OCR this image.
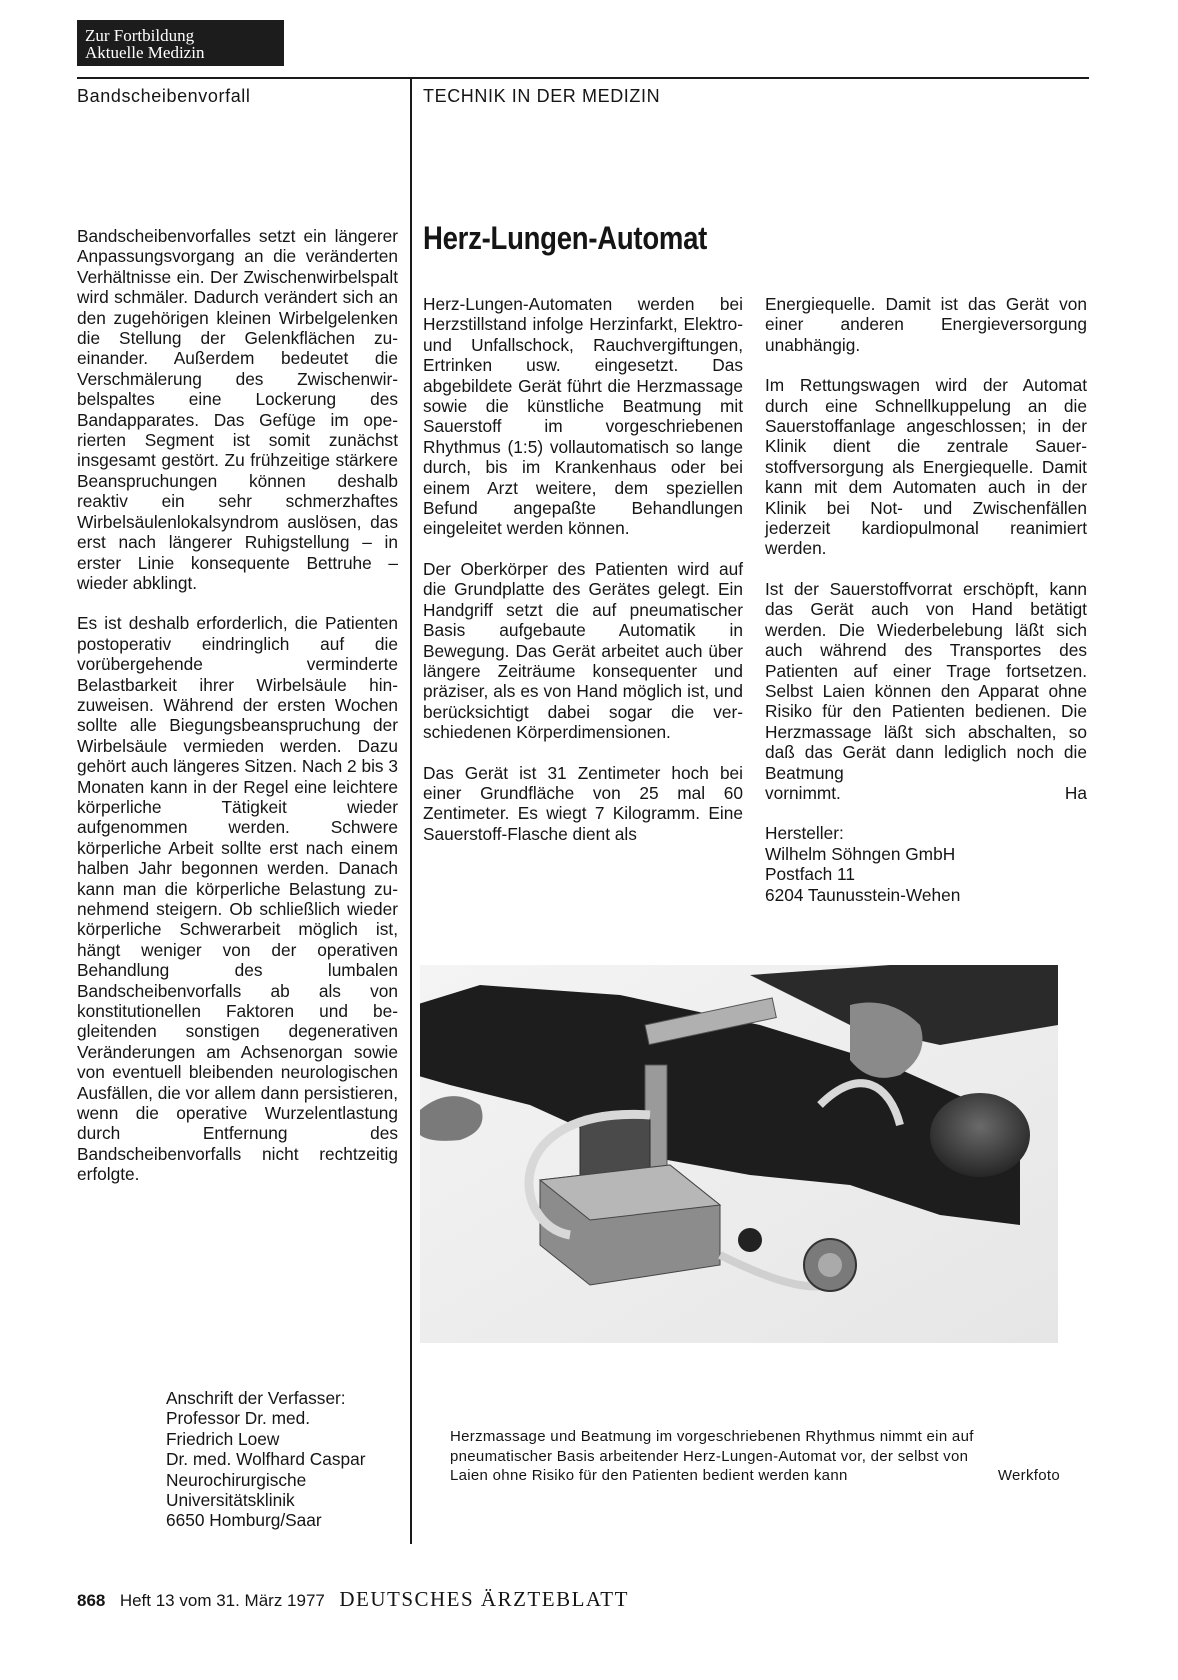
Zur Fortbildung
Aktuelle Medizin
Bandscheibenvorfall	TECHNIK IN DER MEDIZIN

Bandscheibenvorfalles setzt ein längerer Anpassungsvorgang an die veränderten Verhältnisse ein. Der Zwischenwirbelspalt wird schmäler. Dadurch verändert sich an den zugehörigen kleinen Wirbelgelenken die Stellung der Gelenkflächen zueinander. Außerdem bedeutet die Verschmälerung des Zwischenwirbelspaltes eine Lockerung des Bandapparates. Das Gefüge im operierten Segment ist somit zunächst insgesamt gestört. Zu frühzeitige stärkere Beanspruchungen können deshalb reaktiv ein sehr schmerzhaftes Wirbelsäulenlokalsyndrom auslösen, das erst nach längerer Ruhigstellung – in erster Linie konsequente Bettruhe – wieder abklingt.

Es ist deshalb erforderlich, die Patienten postoperativ eindringlich auf die vorübergehende verminderte Belastbarkeit ihrer Wirbelsäule hinzuweisen. Während der ersten Wochen sollte alle Biegungsbeanspruchung der Wirbelsäule vermieden werden. Dazu gehört auch längeres Sitzen. Nach 2 bis 3 Monaten kann in der Regel eine leichtere körperliche Tätigkeit wieder aufgenommen werden. Schwere körperliche Arbeit sollte erst nach einem halben Jahr begonnen werden. Danach kann man die körperliche Belastung zunehmend steigern. Ob schließlich wieder körperliche Schwerarbeit möglich ist, hängt weniger von der operativen Behandlung des lumbalen Bandscheibenvorfalls ab als von konstitutionellen Faktoren und begleitenden sonstigen degenerativen Veränderungen am Achsenorgan sowie von eventuell bleibenden neurologischen Ausfällen, die vor allem dann persistieren, wenn die operative Wurzelentlastung durch Entfernung des Bandscheibenvorfalls nicht rechtzeitig erfolgte.

Anschrift der Verfasser:
Professor Dr. med.
Friedrich Loew
Dr. med. Wolfhard Caspar
Neurochirurgische
Universitätsklinik
6650 Homburg/Saar
Herz-Lungen-Automat

Herz-Lungen-Automaten werden bei Herzstillstand infolge Herzinfarkt, Elektro- und Unfallschock, Rauchvergiftungen, Ertrinken usw. eingesetzt. Das abgebildete Gerät führt die Herzmassage sowie die künstliche Beatmung mit Sauerstoff im vorgeschriebenen Rhythmus (1:5) vollautomatisch so lange durch, bis im Krankenhaus oder bei einem Arzt weitere, dem speziellen Befund angepaßte Behandlungen eingeleitet werden können.

Der Oberkörper des Patienten wird auf die Grundplatte des Gerätes gelegt. Ein Handgriff setzt die auf pneumatischer Basis aufgebaute Automatik in Bewegung. Das Gerät arbeitet auch über längere Zeiträume konsequenter und präziser, als es von Hand möglich ist, und berücksichtigt dabei sogar die verschiedenen Körperdimensionen.

Das Gerät ist 31 Zentimeter hoch bei einer Grundfläche von 25 mal 60 Zentimeter. Es wiegt 7 Kilogramm. Eine Sauerstoff-Flasche dient als

Energiequelle. Damit ist das Gerät von einer anderen Energieversorgung unabhängig.

Im Rettungswagen wird der Automat durch eine Schnellkuppelung an die Sauerstoffanlage angeschlossen; in der Klinik dient die zentrale Sauerstoffversorgung als Energiequelle. Damit kann mit dem Automaten auch in der Klinik bei Not- und Zwischenfällen jederzeit kardiopulmonal reanimiert werden.

Ist der Sauerstoffvorrat erschöpft, kann das Gerät auch von Hand betätigt werden. Die Wiederbelebung läßt sich auch während des Transportes des Patienten auf einer Trage fortsetzen. Selbst Laien können den Apparat ohne Risiko für den Patienten bedienen. Die Herzmassage läßt sich abschalten, so daß das Gerät dann lediglich noch die Beatmung

vornimmt.	Ha
Hersteller:
Wilhelm Söhngen GmbH
Postfach 11
6204 Taunusstein-Wehen
Herzmassage und Beatmung im vorgeschriebenen Rhythmus nimmt ein auf
pneumatischer Basis arbeitender Herz-Lungen-Automat vor, der selbst von
Laien ohne Risiko für den Patienten bedient werden kann	Werkfoto
868 Heft 13 vom 31. März 1977 DEUTSCHES ÄRZTEBLATT
